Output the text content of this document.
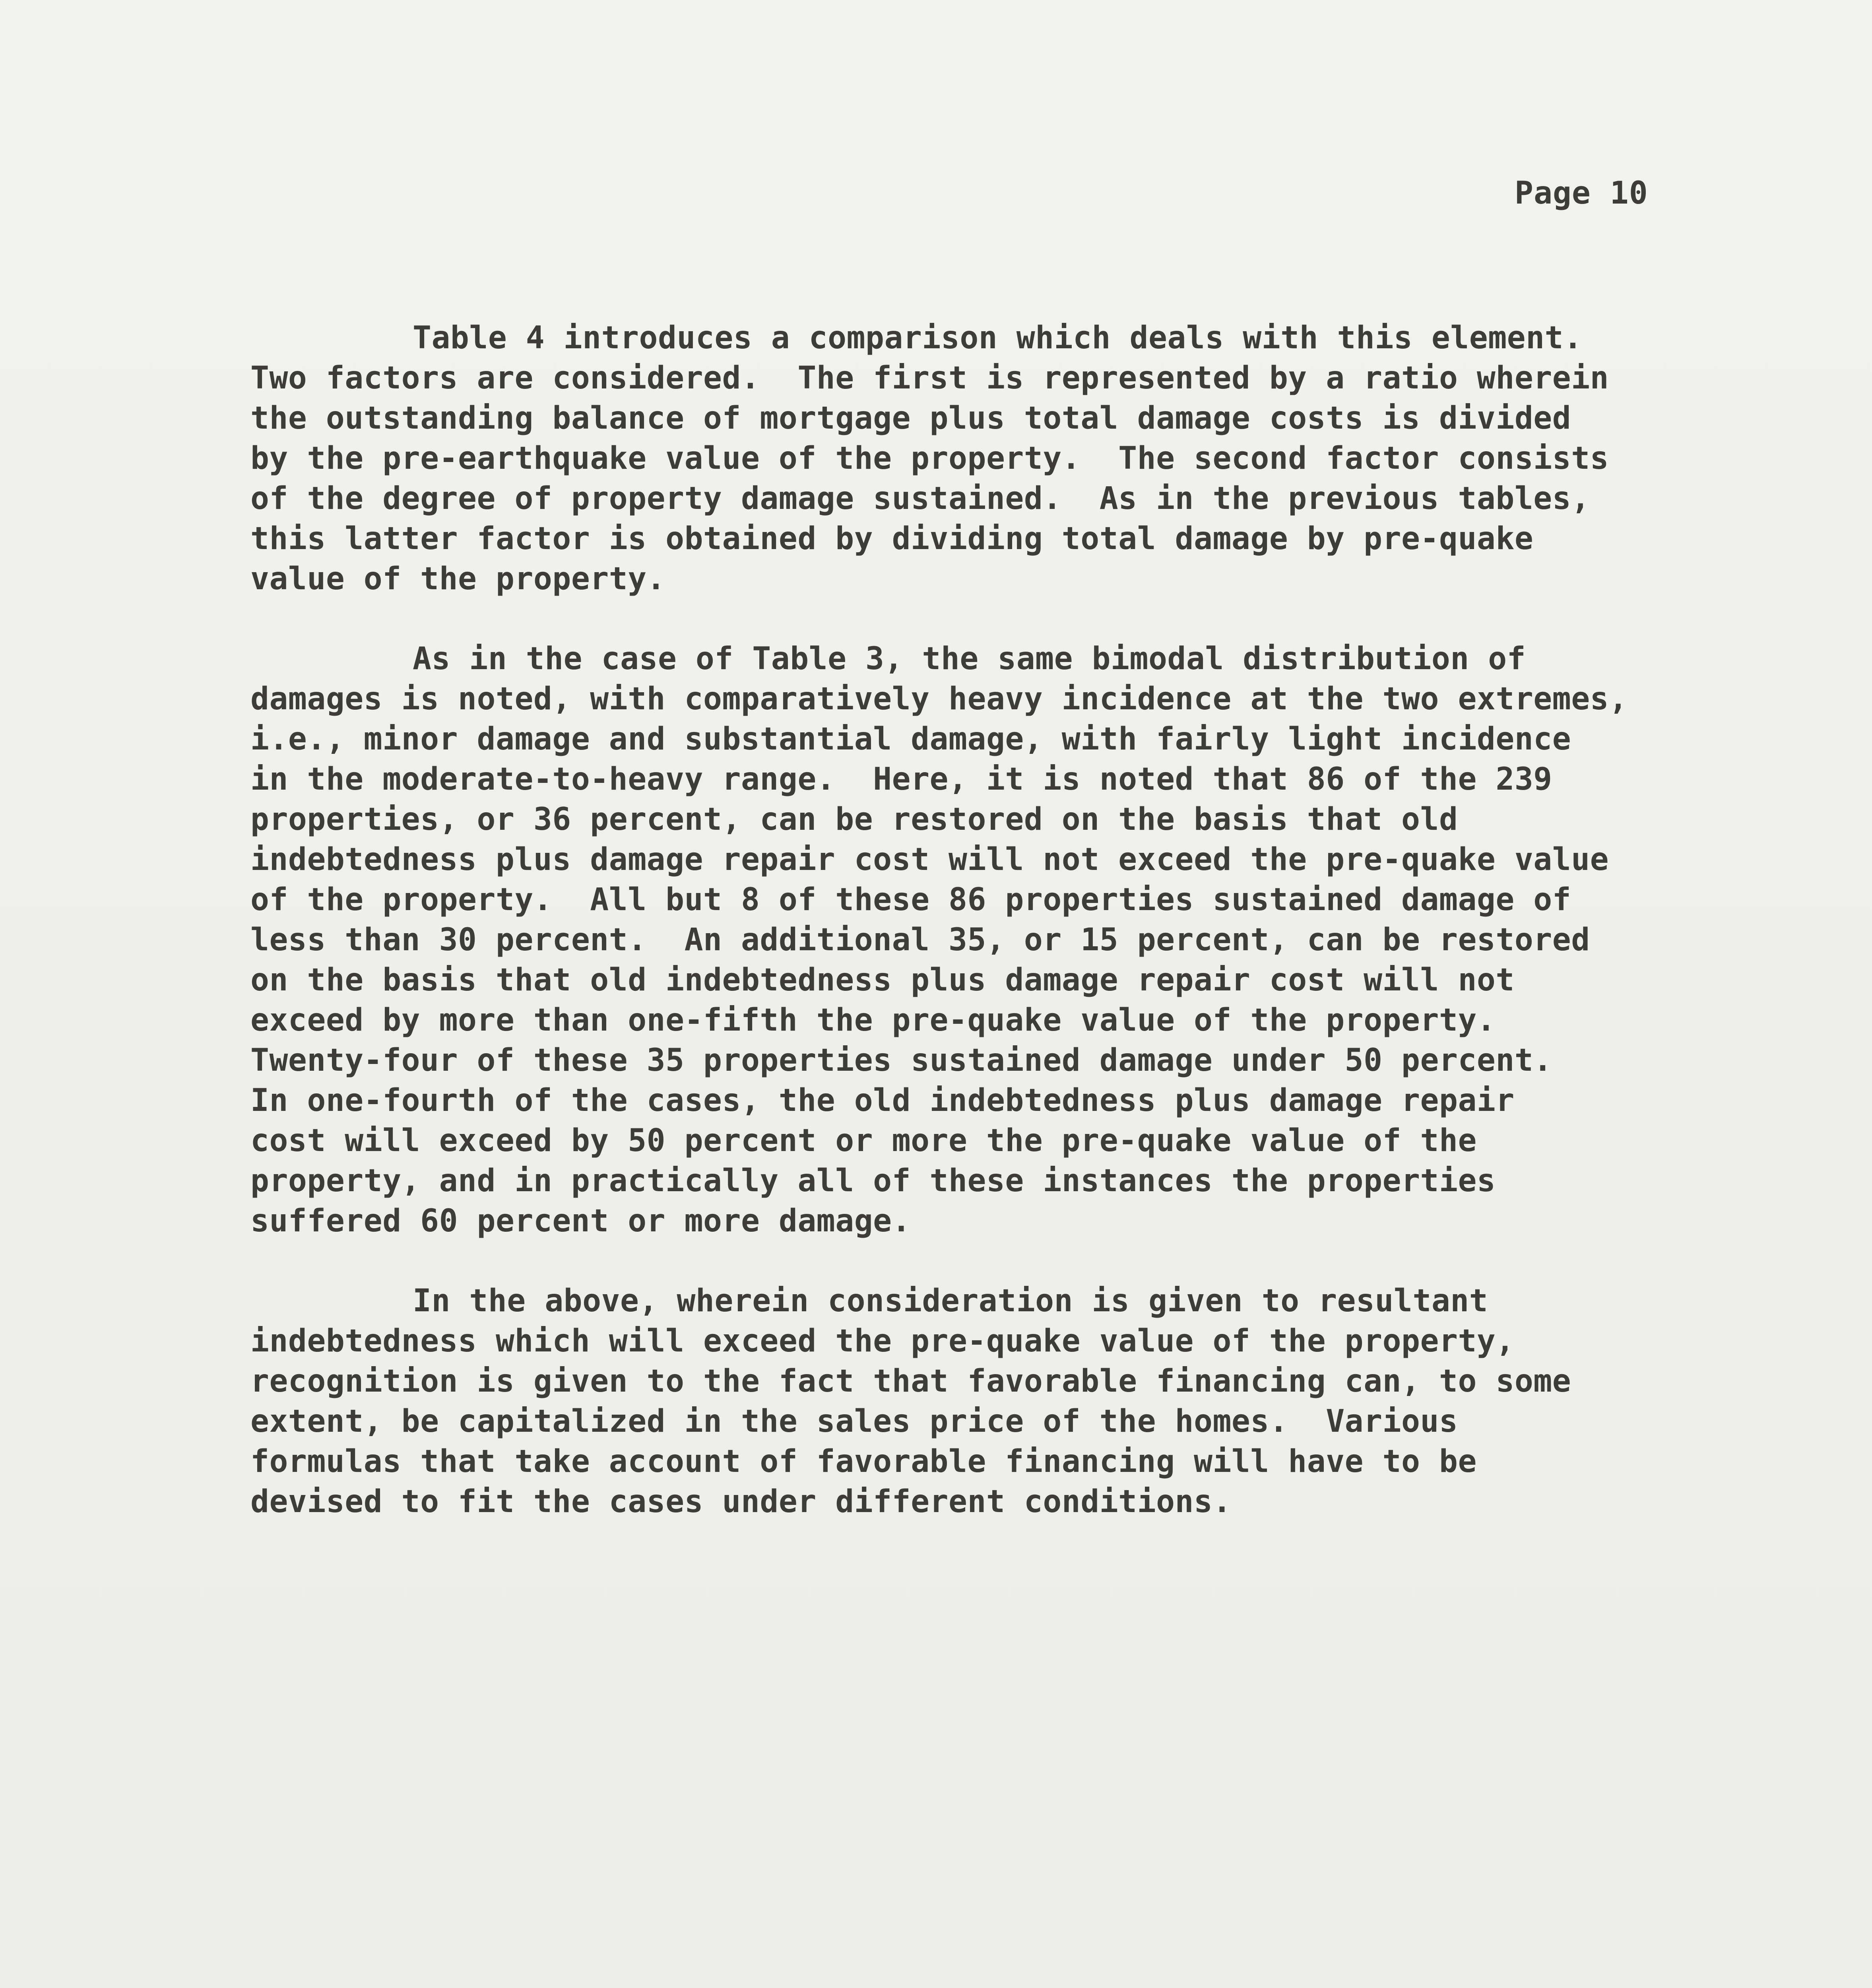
Page 10
Table 4 introduces a comparison which deals with this element.
Two factors are considered.  The first is represented by a ratio wherein
the outstanding balance of mortgage plus total damage costs is divided
by the pre-earthquake value of the property.  The second factor consists
of the degree of property damage sustained.  As in the previous tables,
this latter factor is obtained by dividing total damage by pre-quake
value of the property.
As in the case of Table 3, the same bimodal distribution of
damages is noted, with comparatively heavy incidence at the two extremes,
i.e., minor damage and substantial damage, with fairly light incidence
in the moderate-to-heavy range.  Here, it is noted that 86 of the 239
properties, or 36 percent, can be restored on the basis that old
indebtedness plus damage repair cost will not exceed the pre-quake value
of the property.  All but 8 of these 86 properties sustained damage of
less than 30 percent.  An additional 35, or 15 percent, can be restored
on the basis that old indebtedness plus damage repair cost will not
exceed by more than one-fifth the pre-quake value of the property.
Twenty-four of these 35 properties sustained damage under 50 percent.
In one-fourth of the cases, the old indebtedness plus damage repair
cost will exceed by 50 percent or more the pre-quake value of the
property, and in practically all of these instances the properties
suffered 60 percent or more damage.
In the above, wherein consideration is given to resultant
indebtedness which will exceed the pre-quake value of the property,
recognition is given to the fact that favorable financing can, to some
extent, be capitalized in the sales price of the homes.  Various
formulas that take account of favorable financing will have to be
devised to fit the cases under different conditions.
